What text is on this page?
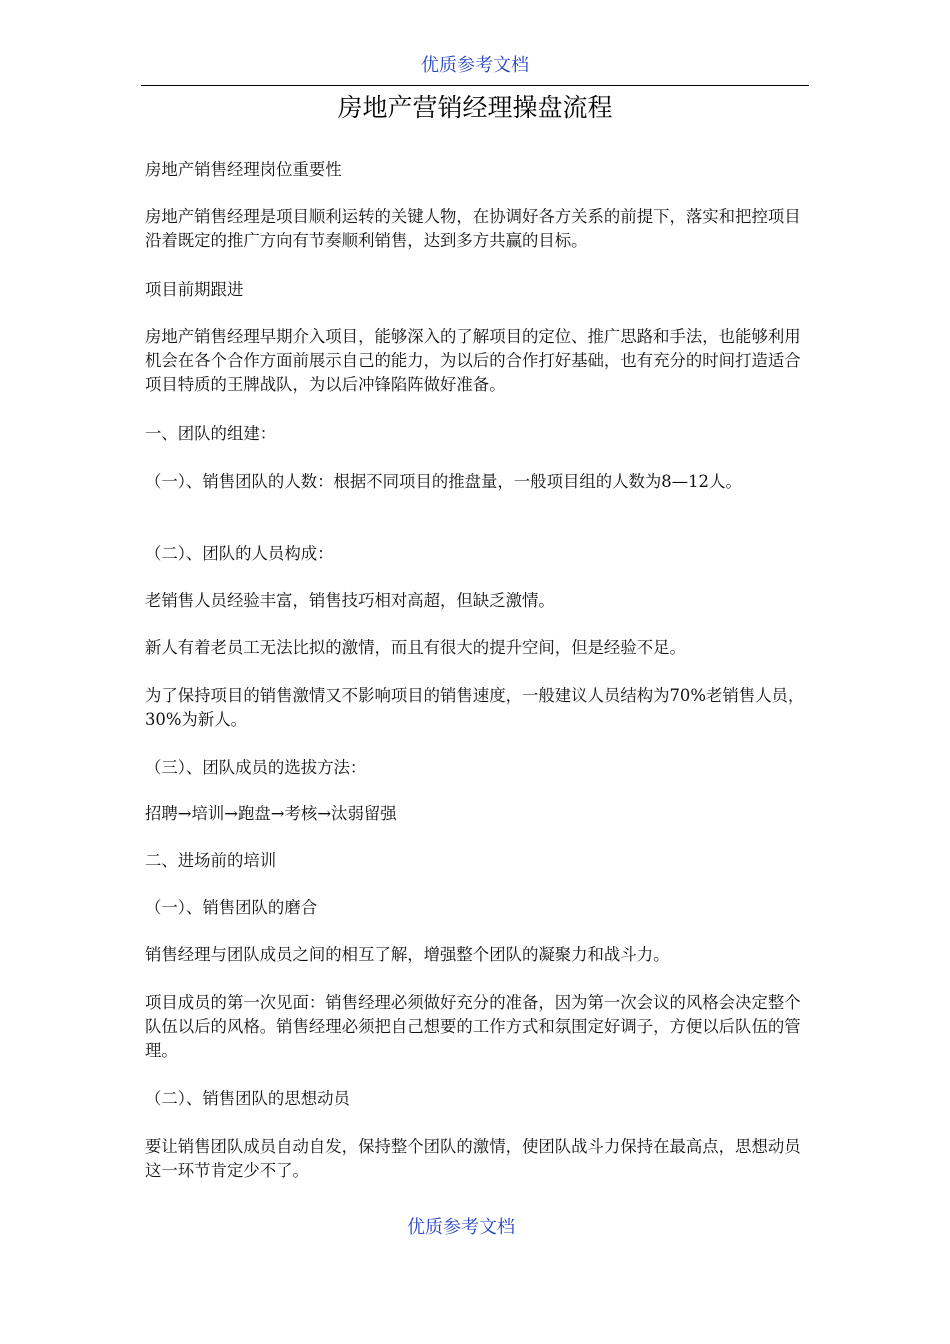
优质参考文档
房地产营销经理操盘流程

房地产销售经理岗位重要性

房地产销售经理是项目顺利运转的关键人物，在协调好各方关系的前提下，落实和把控项目沿着既定的推广方向有节奏顺利销售，达到多方共赢的目标。

项目前期跟进

房地产销售经理早期介入项目，能够深入的了解项目的定位、推广思路和手法，也能够利用机会在各个合作方面前展示自己的能力，为以后的合作打好基础，也有充分的时间打造适合项目特质的王牌战队，为以后冲锋陷阵做好准备。

一、团队的组建：

（一）、销售团队的人数：根据不同项目的推盘量，一般项目组的人数为8—12人。

（二）、团队的人员构成：

老销售人员经验丰富，销售技巧相对高超，但缺乏激情。

新人有着老员工无法比拟的激情，而且有很大的提升空间，但是经验不足。

为了保持项目的销售激情又不影响项目的销售速度，一般建议人员结构为70%老销售人员，30%为新人。

（三）、团队成员的选拔方法：

招聘→培训→跑盘→考核→汰弱留强

二、进场前的培训

（一）、销售团队的磨合

销售经理与团队成员之间的相互了解，增强整个团队的凝聚力和战斗力。

项目成员的第一次见面：销售经理必须做好充分的准备，因为第一次会议的风格会决定整个队伍以后的风格。销售经理必须把自己想要的工作方式和氛围定好调子，方便以后队伍的管理。

（二）、销售团队的思想动员

要让销售团队成员自动自发，保持整个团队的激情，使团队战斗力保持在最高点，思想动员这一环节肯定少不了。

优质参考文档
